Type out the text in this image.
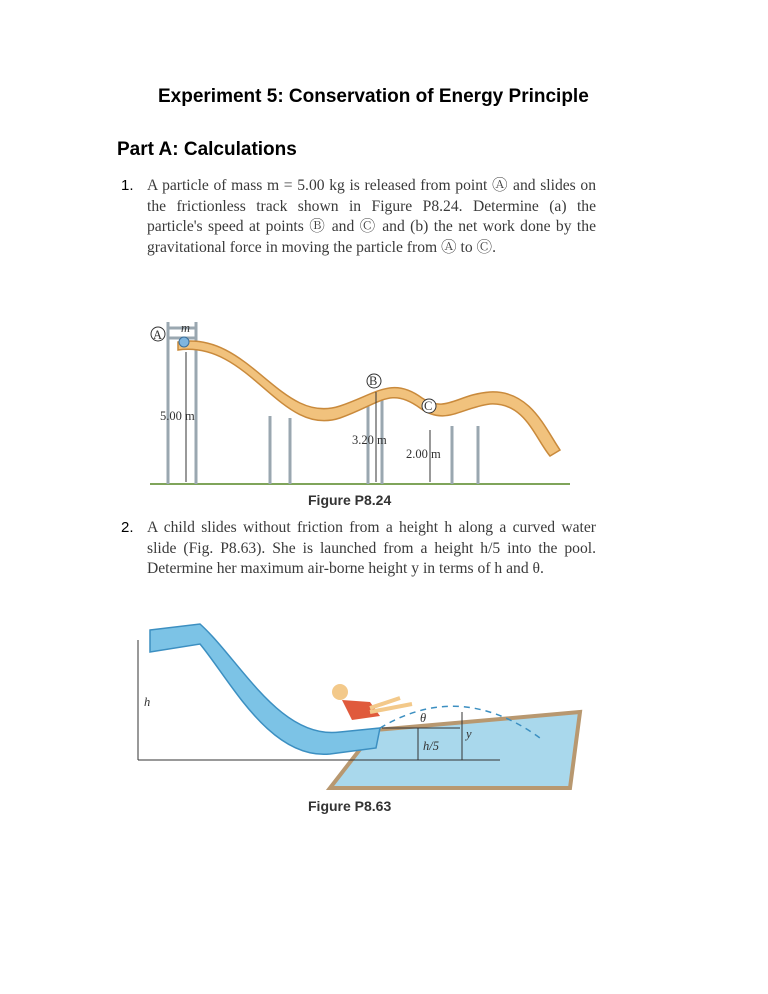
Experiment 5: Conservation of Energy Principle
Part A: Calculations
1. A particle of mass m = 5.00 kg is released from point Ⓐ and slides on the frictionless track shown in Figure P8.24. Determine (a) the particle's speed at points Ⓑ and Ⓒ and (b) the net work done by the gravitational force in moving the particle from Ⓐ to Ⓒ.
m
A
B
C
5.00 m
3.20 m
2.00 m
Figure P8.24
2. A child slides without friction from a height h along a curved water slide (Fig. P8.63). She is launched from a height h/5 into the pool. Determine her maximum air-borne height y in terms of h and θ.
h
h/5
θ
y
Figure P8.63
